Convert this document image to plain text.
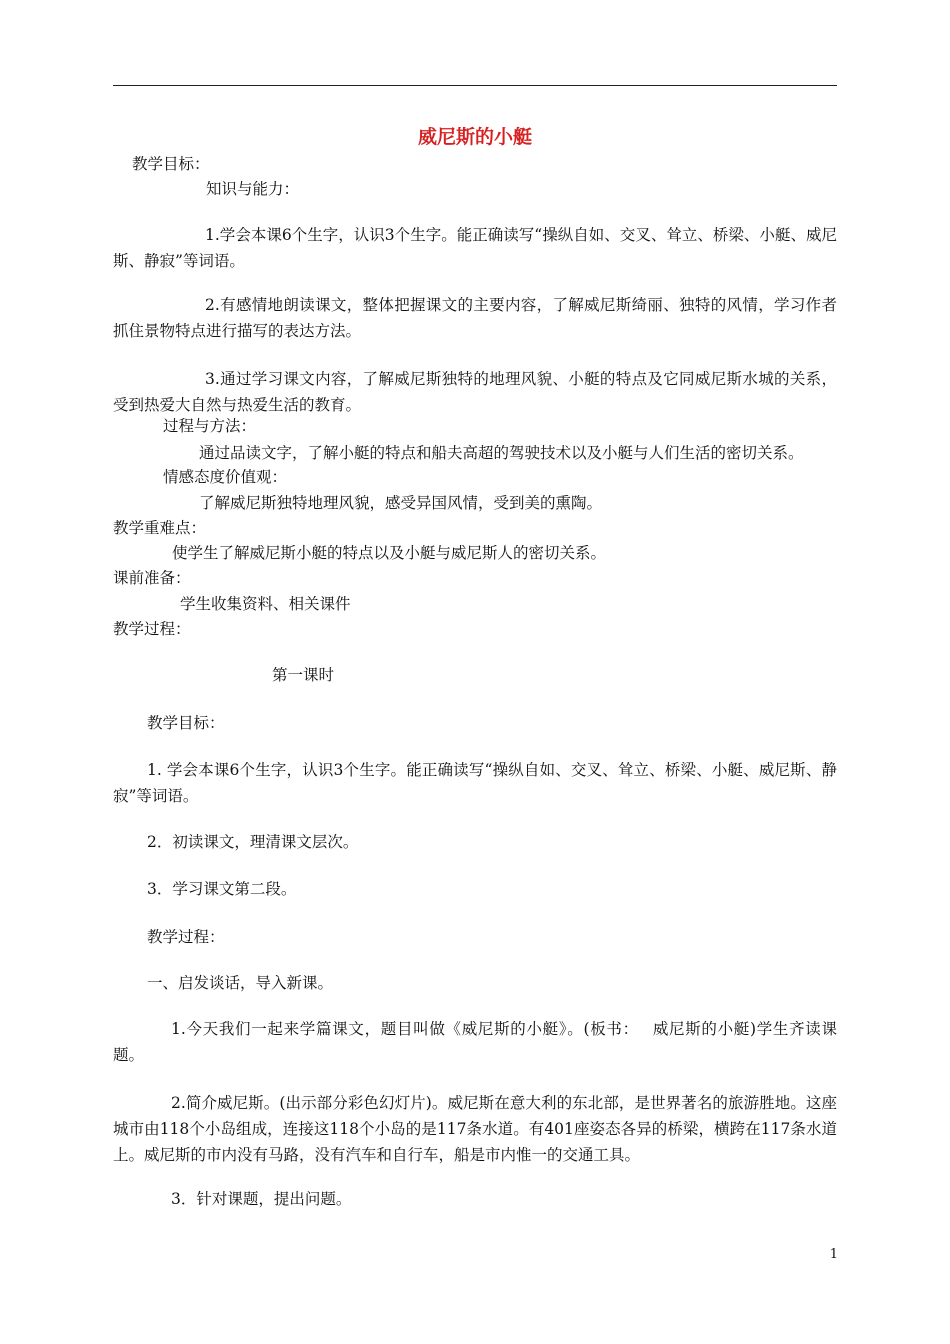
威尼斯的小艇

教学目标：

知识与能力：

1.学会本课6个生字，认识3个生字。能正确读写“操纵自如、交叉、耸立、桥梁、小艇、威尼斯、静寂”等词语。

2.有感情地朗读课文，整体把握课文的主要内容，了解威尼斯绮丽、独特的风情，学习作者抓住景物特点进行描写的表达方法。

3.通过学习课文内容，了解威尼斯独特的地理风貌、小艇的特点及它同威尼斯水城的关系，受到热爱大自然与热爱生活的教育。

过程与方法：

通过品读文字，了解小艇的特点和船夫高超的驾驶技术以及小艇与人们生活的密切关系。

情感态度价值观：

了解威尼斯独特地理风貌，感受异国风情，受到美的熏陶。

教学重难点：

使学生了解威尼斯小艇的特点以及小艇与威尼斯人的密切关系。

课前准备：

学生收集资料、相关课件

教学过程：

第一课时

教学目标：

1. 学会本课6个生字，认识3个生字。能正确读写“操纵自如、交叉、耸立、桥梁、小艇、威尼斯、静寂”等词语。

2．初读课文，理清课文层次。

3．学习课文第二段。

教学过程：

一、启发谈话，导入新课。

1.今天我们一起来学篇课文，题目叫做《威尼斯的小艇》。(板书：　 威尼斯的小艇)学生齐读课题。

2.简介威尼斯。(出示部分彩色幻灯片)。威尼斯在意大利的东北部，是世界著名的旅游胜地。这座城市由118个小岛组成，连接这118个小岛的是117条水道。有401座姿态各异的桥梁，横跨在117条水道上。威尼斯的市内没有马路，没有汽车和自行车，船是市内惟一的交通工具。

3．针对课题，提出问题。

1
